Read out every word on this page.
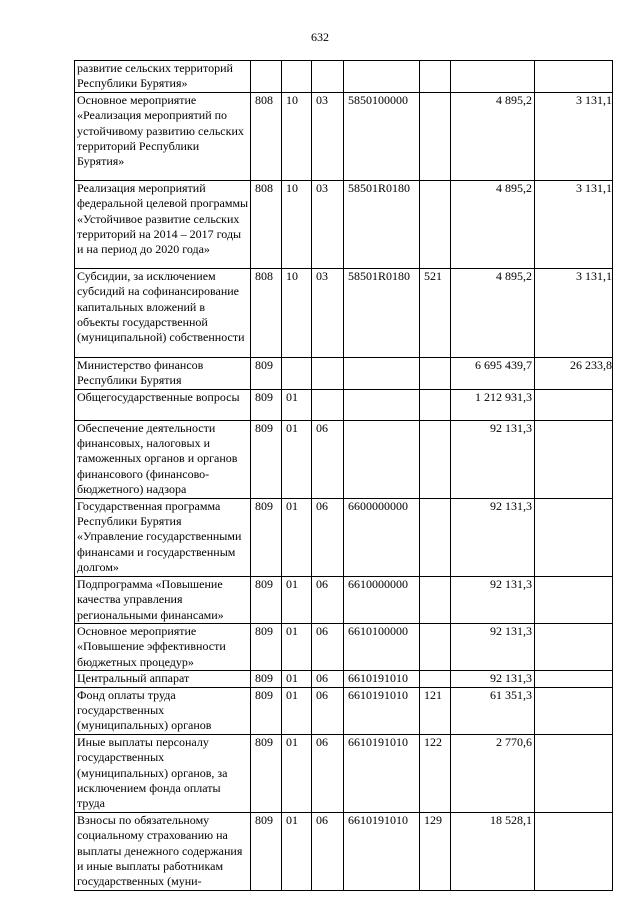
632
развитие сельских территорий Республики Бурятия»							
Основное мероприятие «Реализация мероприятий по устойчивому развитию сельских территорий Республики Бурятия»	808	10	03	5850100000		4 895,2	3 131,1
Реализация мероприятий федеральной целевой программы «Устойчивое развитие сельских территорий на 2014 – 2017 годы и на период до 2020 года»	808	10	03	58501R0180		4 895,2	3 131,1
Субсидии, за исключением субсидий на софинансирование капитальных вложений в объекты государственной (муниципальной) собственности	808	10	03	58501R0180	521	4 895,2	3 131,1
Министерство финансов Республики Бурятия	809					6 695 439,7	26 233,8
Общегосударственные вопросы	809	01				1 212 931,3	
Обеспечение деятельности финансовых, налоговых и таможенных органов и органов финансового (финансово-бюджетного) надзора	809	01	06			92 131,3	
Государственная программа Республики Бурятия «Управление государственными финансами и государственным долгом»	809	01	06	6600000000		92 131,3	
Подпрограмма «Повышение качества управления региональными финансами»	809	01	06	6610000000		92 131,3	
Основное мероприятие «Повышение эффективности бюджетных процедур»	809	01	06	6610100000		92 131,3	
Центральный аппарат	809	01	06	6610191010		92 131,3	
Фонд оплаты труда государственных (муниципальных) органов	809	01	06	6610191010	121	61 351,3	
Иные выплаты персоналу государственных (муниципальных) органов, за исключением фонда оплаты труда	809	01	06	6610191010	122	2 770,6	
Взносы по обязательному социальному страхованию на выплаты денежного содержания и иные выплаты работникам государственных (муни-	809	01	06	6610191010	129	18 528,1	
